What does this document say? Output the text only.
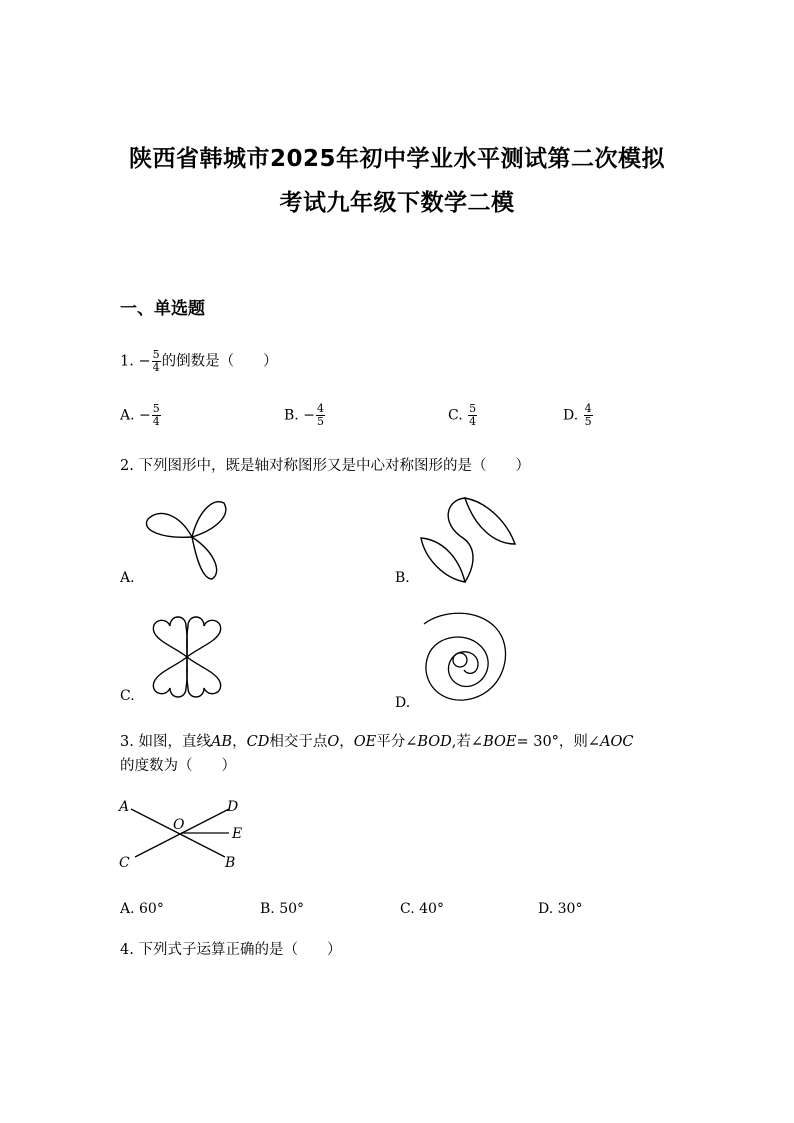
陕西省韩城市2025年初中学业水平测试第二次模拟
考试九年级下数学二模
一、单选题
1. − $\frac{5}{4}$ 的倒数是（　　）
A. − $\frac{5}{4}$	B. − $\frac{4}{5}$	C. $\frac{5}{4}$	D. $\frac{4}{5}$
2. 下列图形中，既是轴对称图形又是中心对称图形的是（　　）
A.	B.
C.	D.
3. 如图，直线AB，CD相交于点O，OE平分∠BOD,若∠BOE= 30°，则∠AOC
的度数为（　　）
A	D
O
E
C	B
A. 60°	B. 50°	C. 40°	D. 30°
4. 下列式子运算正确的是（　　）
